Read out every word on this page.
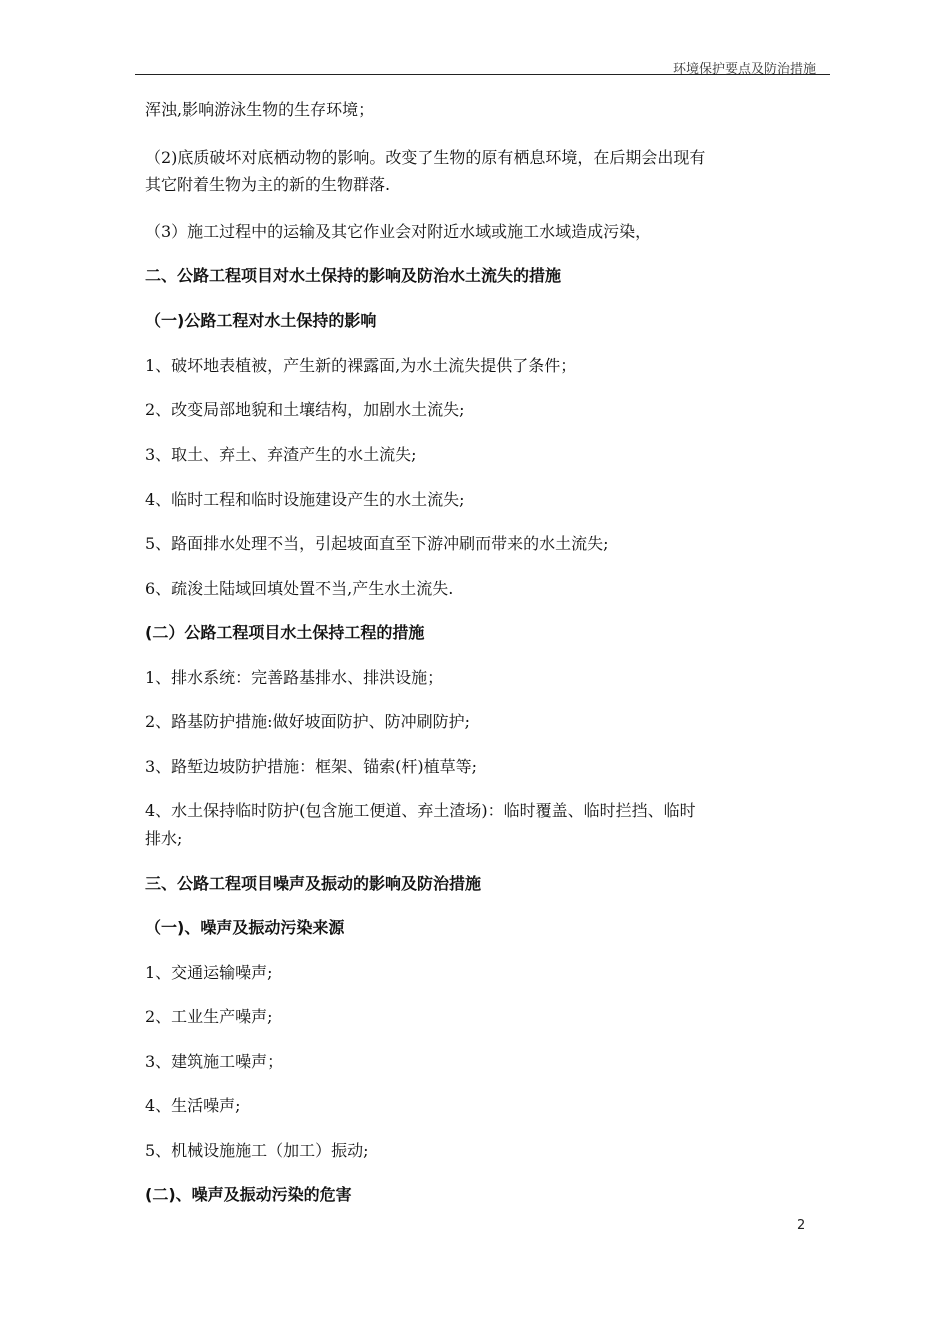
环境保护要点及防治措施
浑浊,影响游泳生物的生存环境；
（2)底质破坏对底栖动物的影响。改变了生物的原有栖息环境，在后期会出现有
其它附着生物为主的新的生物群落.
（3）施工过程中的运输及其它作业会对附近水域或施工水域造成污染，
二、公路工程项目对水土保持的影响及防治水土流失的措施
（一)公路工程对水土保持的影响
1、破坏地表植被，产生新的裸露面,为水土流失提供了条件；
2、改变局部地貌和土壤结构，加剧水土流失;
3、取土、弃土、弃渣产生的水土流失;
4、临时工程和临时设施建设产生的水土流失;
5、路面排水处理不当，引起坡面直至下游冲刷而带来的水土流失;
6、疏浚土陆域回填处置不当,产生水土流失.
(二）公路工程项目水土保持工程的措施
1、排水系统：完善路基排水、排洪设施；
2、路基防护措施:做好坡面防护、防冲刷防护;
3、路堑边坡防护措施：框架、锚索(杆)植草等;
4、水土保持临时防护(包含施工便道、弃土渣场)：临时覆盖、临时拦挡、临时
排水;
三、公路工程项目噪声及振动的影响及防治措施
（一)、噪声及振动污染来源
1、交通运输噪声;
2、工业生产噪声;
3、建筑施工噪声；
4、生活噪声;
5、机械设施施工（加工）振动;
(二)、噪声及振动污染的危害
2
